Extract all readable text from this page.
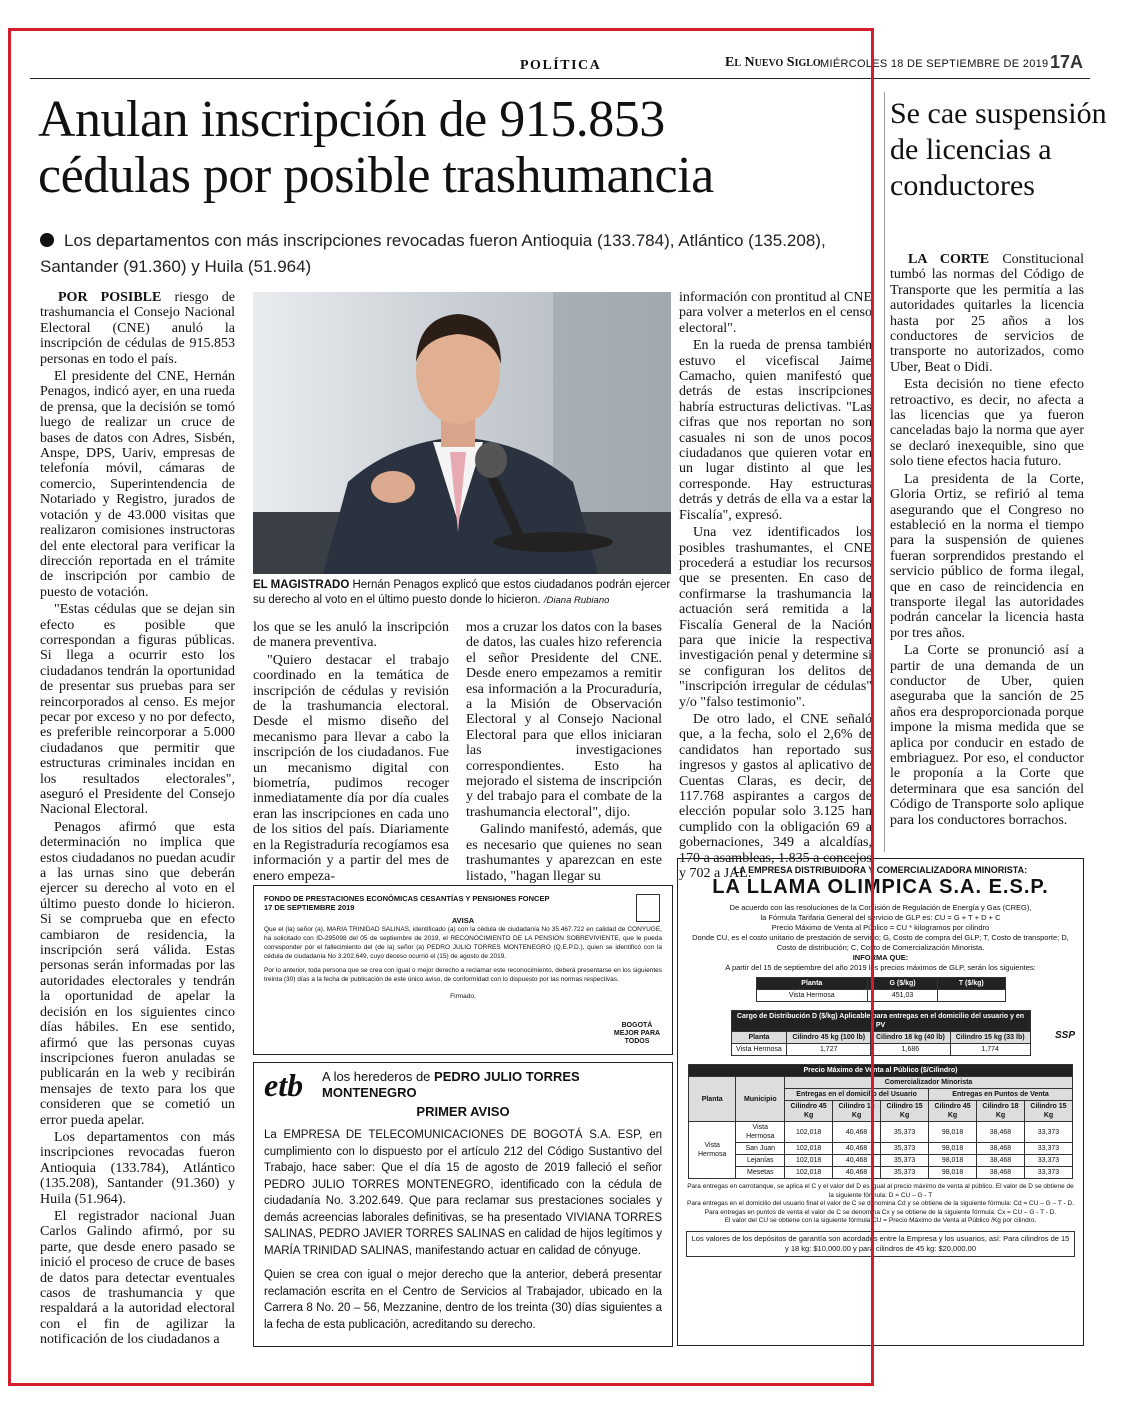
POLÍTICA	El Nuevo Siglo MIÉRCOLES 18 DE SEPTIEMBRE DE 2019 17A
Anulan inscripción de 915.853
cédulas por posible trashumancia
Los departamentos con más inscripciones revocadas fueron Antioquia (133.784), Atlántico (135.208), Santander (91.360) y Huila (51.964)

POR POSIBLE riesgo de trashumancia el Consejo Nacional Electoral (CNE) anuló la inscripción de cédulas de 915.853 personas en todo el país.

El presidente del CNE, Hernán Penagos, indicó ayer, en una rueda de prensa, que la decisión se tomó luego de realizar un cruce de bases de datos con Adres, Sisbén, Anspe, DPS, Uariv, empresas de telefonía móvil, cámaras de comercio, Superintendencia de Notariado y Registro, jurados de votación y de 43.000 visitas que realizaron comisiones instructoras del ente electoral para verificar la dirección reportada en el trámite de inscripción por cambio de puesto de votación.

"Estas cédulas que se dejan sin efecto es posible que correspondan a figuras públicas. Si llega a ocurrir esto los ciudadanos tendrán la oportunidad de presentar sus pruebas para ser reincorporados al censo. Es mejor pecar por exceso y no por defecto, es preferible reincorporar a 5.000 ciudadanos que permitir que estructuras criminales incidan en los resultados electorales", aseguró el Presidente del Consejo Nacional Electoral.

Penagos afirmó que esta determinación no implica que estos ciudadanos no puedan acudir a las urnas sino que deberán ejercer su derecho al voto en el último puesto donde lo hicieron. Si se comprueba que en efecto cambiaron de residencia, la inscripción será válida. Estas personas serán informadas por las autoridades electorales y tendrán la oportunidad de apelar la decisión en los siguientes cinco días hábiles. En ese sentido, afirmó que las personas cuyas inscripciones fueron anuladas se publicarán en la web y recibirán mensajes de texto para los que consideren que se cometió un error pueda apelar.

Los departamentos con más inscripciones revocadas fueron Antioquia (133.784), Atlántico (135.208), Santander (91.360) y Huila (51.964).

El registrador nacional Juan Carlos Galindo afirmó, por su parte, que desde enero pasado se inició el proceso de cruce de bases de datos para detectar eventuales casos de trashumancia y que respaldará a la autoridad electoral con el fin de agilizar la notificación de los ciudadanos a

EL MAGISTRADO Hernán Penagos explicó que estos ciudadanos podrán ejercer su derecho al voto en el último puesto donde lo hicieron. /Diana Rubiano

los que se les anuló la inscripción de manera preventiva.

"Quiero destacar el trabajo coordinado en la temática de inscripción de cédulas y revisión de la trashumancia electoral. Desde el mismo diseño del mecanismo para llevar a cabo la inscripción de los ciudadanos. Fue un mecanismo digital con biometría, pudimos recoger inmediatamente día por día cuales eran las inscripciones en cada uno de los sitios del país. Diariamente en la Registraduría recogíamos esa información y a partir del mes de enero empeza-

mos a cruzar los datos con la bases de datos, las cuales hizo referencia el señor Presidente del CNE. Desde enero empezamos a remitir esa información a la Procuraduría, a la Misión de Observación Electoral y al Consejo Nacional Electoral para que ellos iniciaran las investigaciones correspondientes. Esto ha mejorado el sistema de inscripción y del trabajo para el combate de la trashumancia electoral", dijo.

Galindo manifestó, además, que es necesario que quienes no sean trashumantes y aparezcan en este listado, "hagan llegar su

información con prontitud al CNE para volver a meterlos en el censo electoral".

En la rueda de prensa también estuvo el vicefiscal Jaime Camacho, quien manifestó que detrás de estas inscripciones habría estructuras delictivas. "Las cifras que nos reportan no son casuales ni son de unos pocos ciudadanos que quieren votar en un lugar distinto al que les corresponde. Hay estructuras detrás y detrás de ella va a estar la Fiscalía", expresó.

Una vez identificados los posibles trashumantes, el CNE procederá a estudiar los recursos que se presenten. En caso de confirmarse la trashumancia la actuación será remitida a la Fiscalía General de la Nación para que inicie la respectiva investigación penal y determine si se configuran los delitos de "inscripción irregular de cédulas" y/o "falso testimonio".

De otro lado, el CNE señaló que, a la fecha, solo el 2,6% de candidatos han reportado sus ingresos y gastos al aplicativo de Cuentas Claras, es decir, de 117.768 aspirantes a cargos de elección popular solo 3.125 han cumplido con la obligación 69 a gobernaciones, 349 a alcaldías, 170 a asambleas, 1.835 a concejos y 702 a JAL.

Se cae suspensión de licencias a conductores

LA CORTE Constitucional tumbó las normas del Código de Transporte que les permitía a las autoridades quitarles la licencia hasta por 25 años a los conductores de servicios de transporte no autorizados, como Uber, Beat o Didi.

Esta decisión no tiene efecto retroactivo, es decir, no afecta a las licencias que ya fueron canceladas bajo la norma que ayer se declaró inexequible, sino que solo tiene efectos hacia futuro.

La presidenta de la Corte, Gloria Ortiz, se refirió al tema asegurando que el Congreso no estableció en la norma el tiempo para la suspensión de quienes fueran sorprendidos prestando el servicio público de forma ilegal, que en caso de reincidencia en transporte ilegal las autoridades podrán cancelar la licencia hasta por tres años.

La Corte se pronunció así a partir de una demanda de un conductor de Uber, quien aseguraba que la sanción de 25 años era desproporcionada porque impone la misma medida que se aplica por conducir en estado de embriaguez. Por eso, el conductor le proponía a la Corte que determinara que esa sanción del Código de Transporte solo aplique para los conductores borrachos.

FONDO DE PRESTACIONES ECONÓMICAS CESANTÍAS Y PENSIONES FONCEP
17 DE SEPTIEMBRE 2019
AVISA
Que el (la) señor (a), MARIA TRINIDAD SALINAS, identificado (a) con la cédula de ciudadanía No 35.467.722 en calidad de CONYUGE, ha solicitado con ID-295098 del 05 de septiembre de 2019, el RECONOCIMIENTO DE LA PENSION SOBREVIVIENTE, que le pueda corresponder por el fallecimiento del (de la) señor (a) PEDRO JULIO TORRES MONTENEGRO (Q.E.P.D.), quien se identificó con la cédula de ciudadanía No 3.202.649, cuyo deceso ocurrió el (15) de agosto de 2019.
Por lo anterior, toda persona que se crea con igual o mejor derecho a reclamar este reconocimiento, deberá presentarse en los siguientes treinta (30) días a la fecha de publicación de este único aviso, de conformidad con lo dispuesto por las normas respectivas.
Firmado,
BOGOTÁ MEJOR PARA TODOS
etb A los herederos de PEDRO JULIO TORRES MONTENEGRO
PRIMER AVISO
La EMPRESA DE TELECOMUNICACIONES DE BOGOTÁ S.A. ESP, en cumplimiento con lo dispuesto por el artículo 212 del Código Sustantivo del Trabajo, hace saber: Que el día 15 de agosto de 2019 falleció el señor PEDRO JULIO TORRES MONTENEGRO, identificado con la cédula de ciudadanía No. 3.202.649. Que para reclamar sus prestaciones sociales y demás acreencias laborales definitivas, se ha presentado VIVIANA TORRES SALINAS, PEDRO JAVIER TORRES SALINAS en calidad de hijos legítimos y MARÍA TRINIDAD SALINAS, manifestando actuar en calidad de cónyuge.
Quien se crea con igual o mejor derecho que la anterior, deberá presentar reclamación escrita en el Centro de Servicios al Trabajador, ubicado en la Carrera 8 No. 20 – 56, Mezzanine, dentro de los treinta (30) días siguientes a la fecha de esta publicación, acreditando su derecho.
LA EMPRESA DISTRIBUIDORA Y COMERCIALIZADORA MINORISTA:
LA LLAMA OLIMPICA S.A. E.S.P.
De acuerdo con las resoluciones de la Comisión de Regulación de Energía y Gas (CREG),
la Fórmula Tarifaria General del servicio de GLP es: CU = G + T + D + C
Precio Máximo de Venta al Público = CU * kilogramos por cilindro
Donde CU, es el costo unitario de prestación de servicio; G, Costo de compra del GLP; T, Costo de transporte; D, Costo de distribución; C, Costo de Comercialización Minorista.
INFORMA QUE:
A partir del 15 de septiembre del año 2019 los precios máximos de GLP, serán los siguientes:
Planta	G ($/kg)	T ($/kg)
Vista Hermosa	451,03	
Cargo de Distribución D ($/kg) Aplicable para entregas en el domicilio del usuario y en PV			
Planta	Cilindro 45 kg (100 lb)	Cilindro 18 kg (40 lb)	Cilindro 15 kg (33 lb)
Vista Hermosa	1,727	1,686	1,774
Precio Máximo de Venta al Público ($/Cilindro)							
Planta	Municipio	Comercializador Minorista					
		Entregas en el domicilio del Usuario			Entregas en Puntos de Venta		
		Cilindro 45 Kg	Cilindro 18 Kg	Cilindro 15 Kg	Cilindro 45 Kg	Cilindro 18 Kg	Cilindro 15 Kg
Vista Hermosa	Vista Hermosa	102,018	40,468	35,373	98,018	38,468	33,373
	San Juan	102,018	40,468	35,373	98,018	38,468	33,373
	Lejanías	102,018	40,468	35,373	98,018	38,468	33,373
	Mesetas	102,018	40,468	35,373	98,018	38,468	33,373
Para entregas en carrotanque, se aplica el C y el valor del D es igual al precio máximo de venta al público. El valor de D se obtiene de la siguiente fórmula: D = CU – G - T
Para entregas en el domicilio del usuario final el valor de C se denomina Cd y se obtiene de la siguiente fórmula: Cd = CU – G – T - D.
Para entregas en puntos de venta el valor de C se denomina Cx y se obtiene de la siguiente fórmula: Cx = CU – G - T - D.
El valor del CU se obtiene con la siguiente fórmula CU = Precio Máximo de Venta al Público /Kg por cilindro.
Los valores de los depósitos de garantía son acordados entre la Empresa y los usuarios, así: Para cilindros de 15 y 18 kg: $10,000.00 y para cilindros de 45 kg: $20,000.00
SSP
